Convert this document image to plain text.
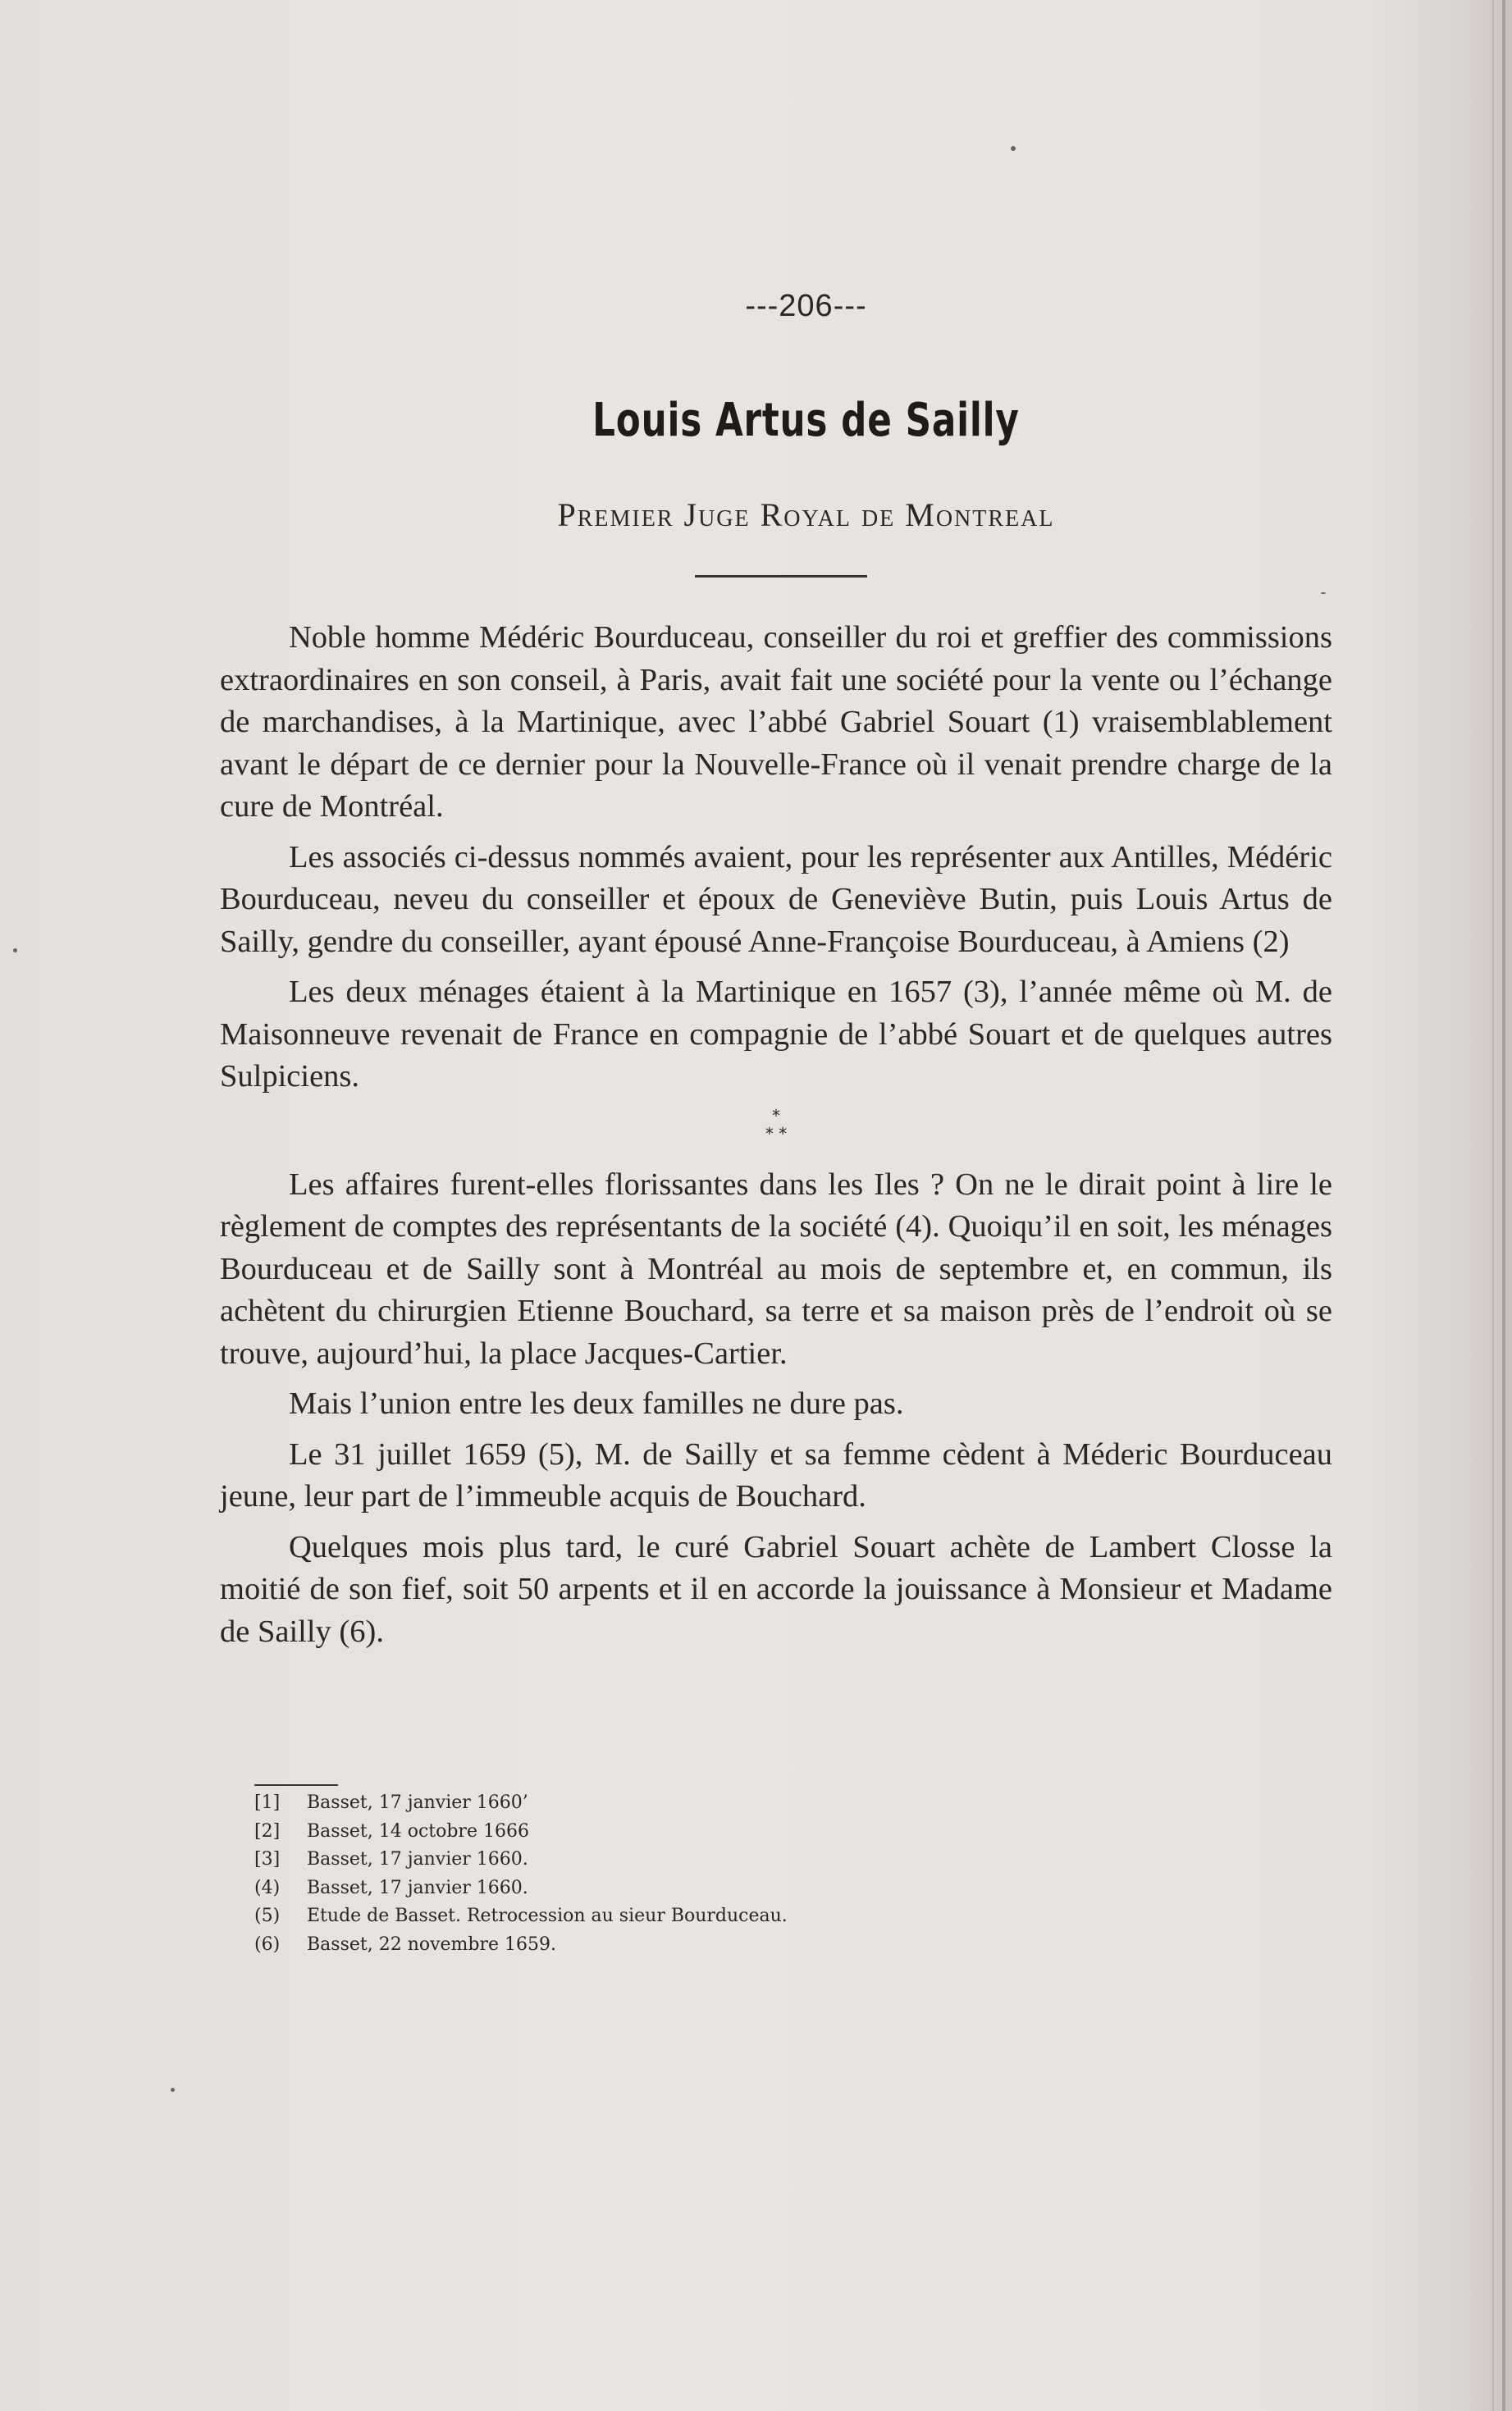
---206---
Louis Artus de Sailly
Premier Juge Royal de Montreal

Noble homme Médéric Bourduceau, conseiller du roi et greffier des commissions extraordinaires en son conseil, à Paris, avait fait une société pour la vente ou l’échange de marchandises, à la Martinique, avec l’abbé Gabriel Souart (1) vraisemblablement avant le départ de ce dernier pour la Nouvelle-France où il venait prendre charge de la cure de Montréal.

Les associés ci-dessus nommés avaient, pour les représenter aux Antilles, Médéric Bourduceau, neveu du conseiller et époux de Geneviève Butin, puis Louis Artus de Sailly, gendre du conseiller, ayant épousé Anne-Françoise Bourduceau, à Amiens (2)

Les deux ménages étaient à la Martinique en 1657 (3), l’année même où M. de Maisonneuve revenait de France en compagnie de l’abbé Souart et de quelques autres Sulpiciens.

*
* *

Les affaires furent-elles florissantes dans les Iles ? On ne le dirait point à lire le règlement de comptes des représentants de la société (4). Quoiqu’il en soit, les ménages Bourduceau et de Sailly sont à Montréal au mois de septembre et, en commun, ils achètent du chirurgien Etienne Bouchard, sa terre et sa maison près de l’endroit où se trouve, aujourd’hui, la place Jacques-Cartier.

Mais l’union entre les deux familles ne dure pas.

Le 31 juillet 1659 (5), M. de Sailly et sa femme cèdent à Méderic Bourduceau jeune, leur part de l’immeuble acquis de Bouchard.

Quelques mois plus tard, le curé Gabriel Souart achète de Lambert Closse la moitié de son fief, soit 50 arpents et il en accorde la jouissance à Monsieur et Madame de Sailly (6).

[1]	Basset, 17 janvier 1660’
[2]	Basset, 14 octobre 1666
[3]	Basset, 17 janvier 1660.
(4)	Basset, 17 janvier 1660.
(5)	Etude de Basset. Retrocession au sieur Bourduceau.
(6)	Basset, 22 novembre 1659.
